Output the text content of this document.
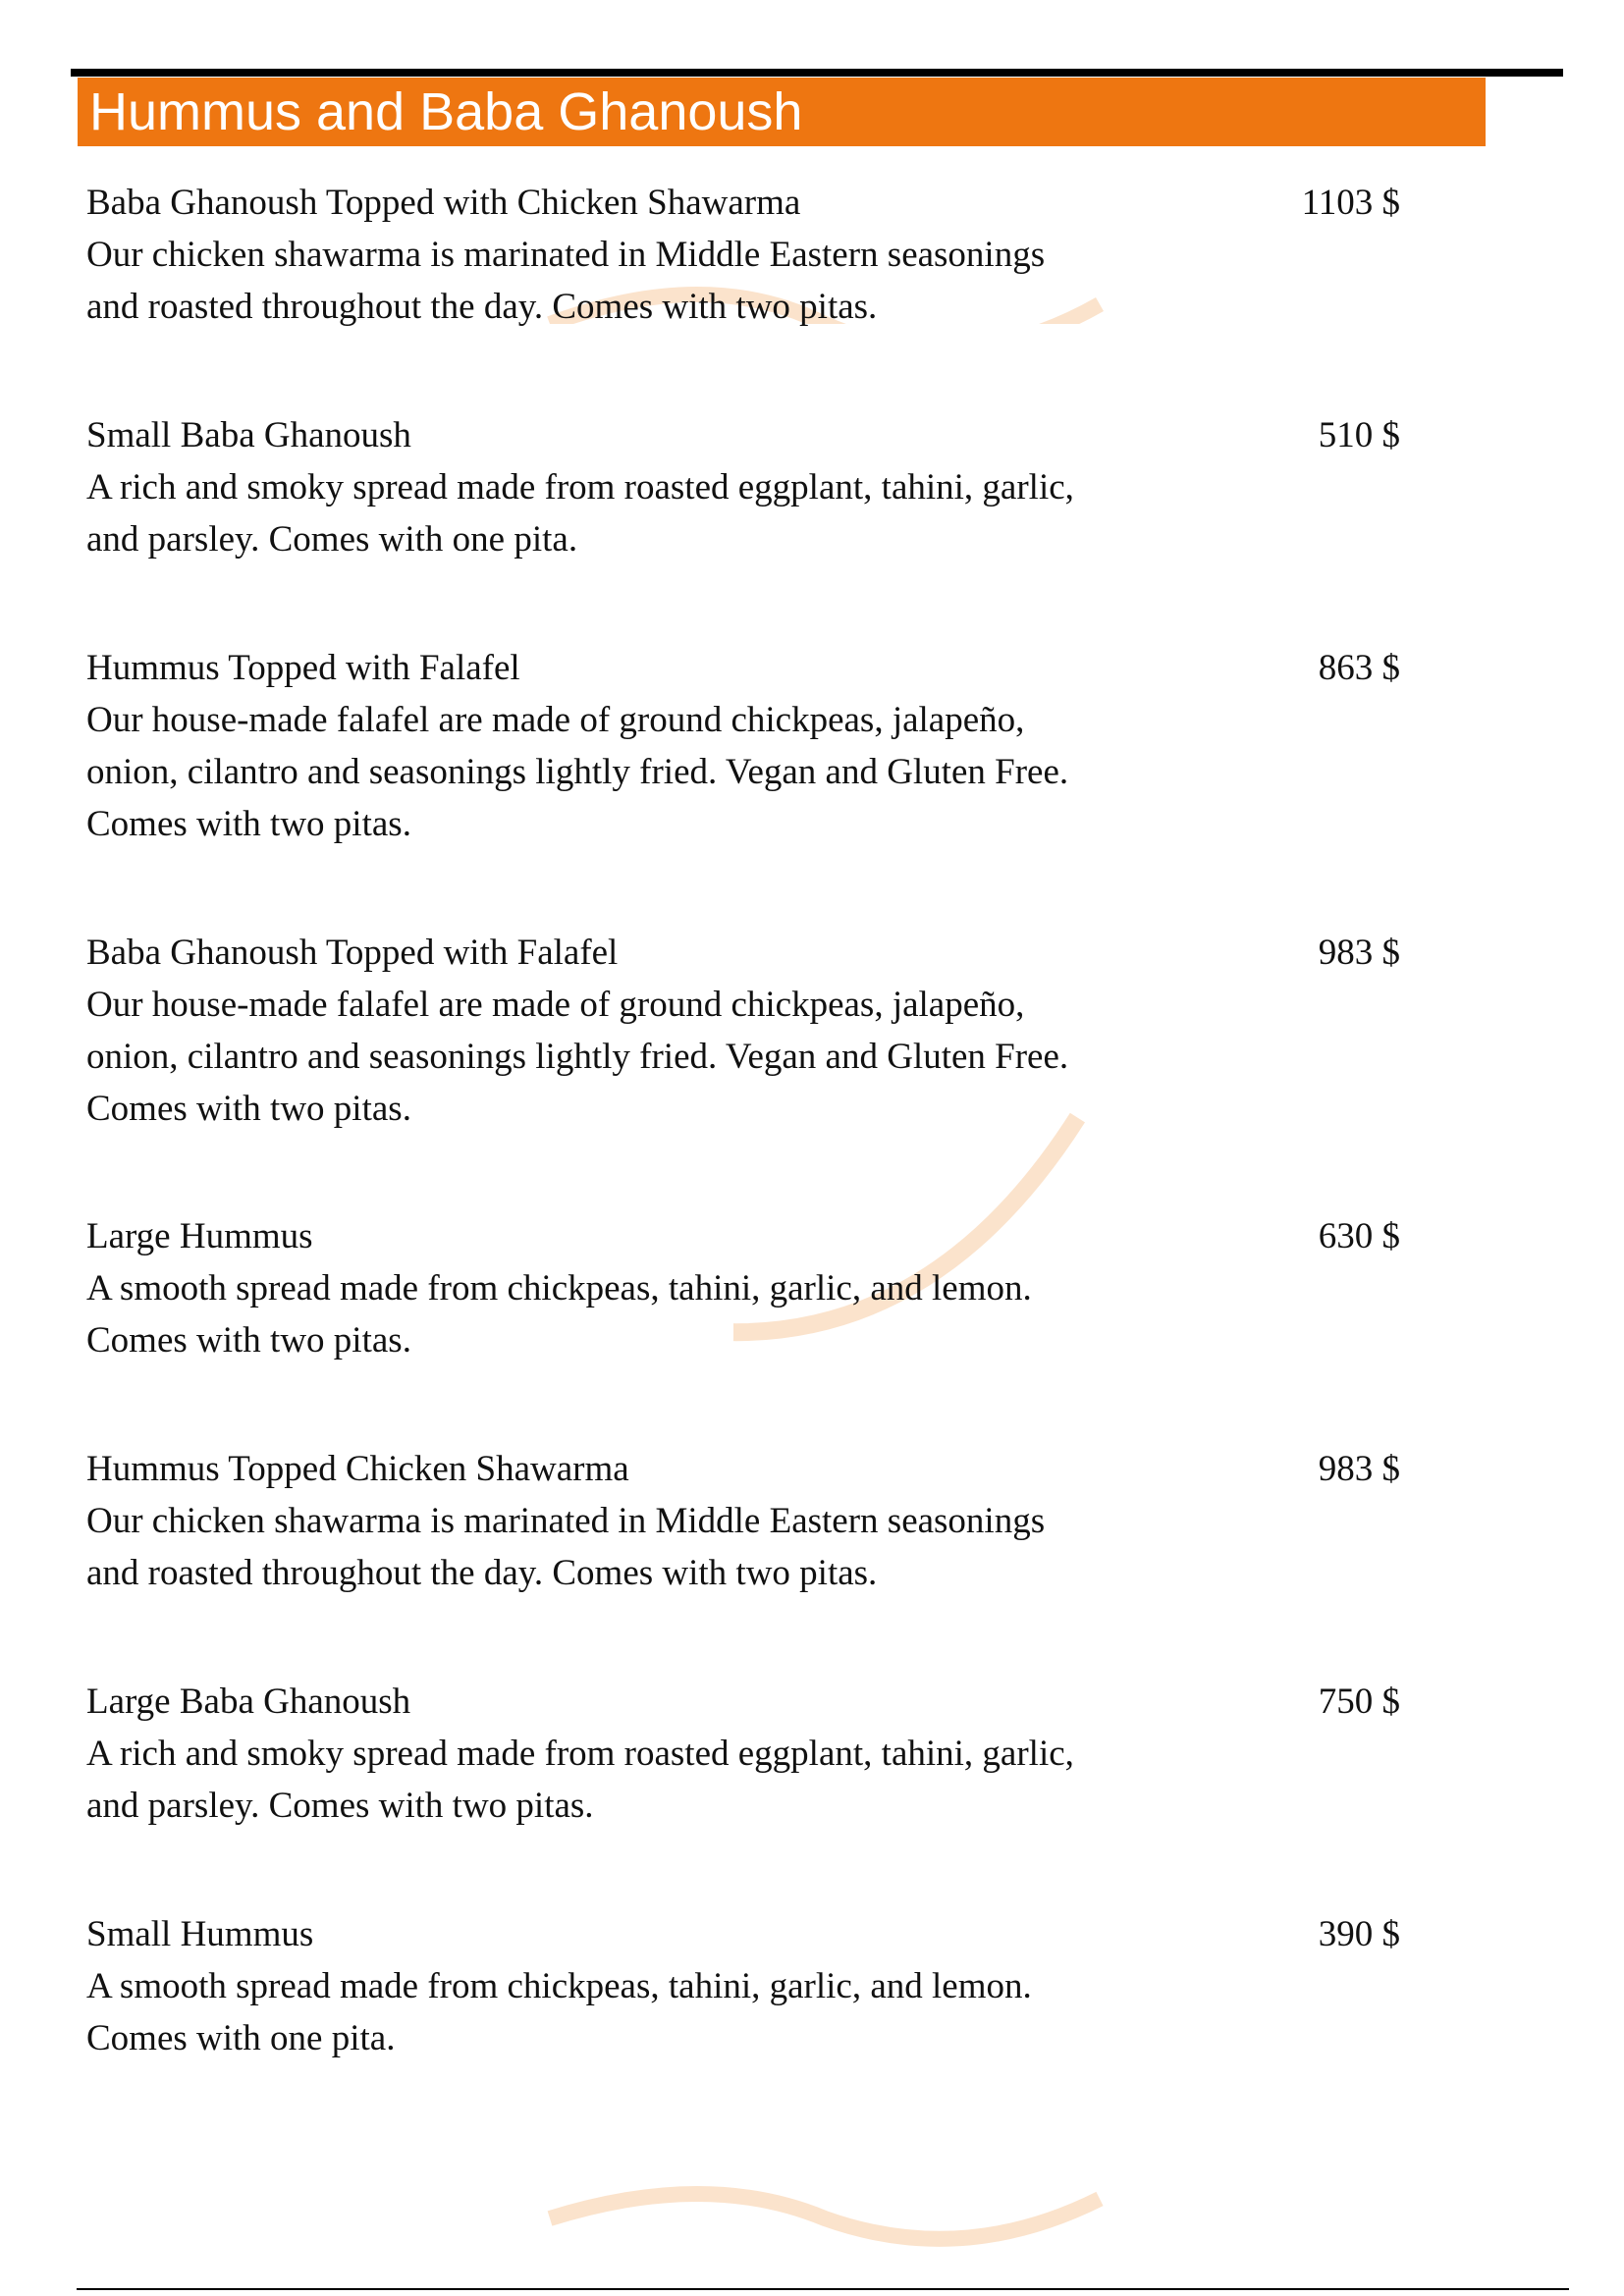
Hummus and Baba Ghanoush
Baba Ghanoush Topped with Chicken Shawarma
Our chicken shawarma is marinated in Middle Eastern seasonings
and roasted throughout the day. Comes with two pitas.
1103 $
Small Baba Ghanoush
A rich and smoky spread made from roasted eggplant, tahini, garlic,
and parsley. Comes with one pita.
510 $
Hummus Topped with Falafel
Our house-made falafel are made of ground chickpeas, jalapeño,
onion, cilantro and seasonings lightly fried. Vegan and Gluten Free.
Comes with two pitas.
863 $
Baba Ghanoush Topped with Falafel
Our house-made falafel are made of ground chickpeas, jalapeño,
onion, cilantro and seasonings lightly fried. Vegan and Gluten Free.
Comes with two pitas.
983 $
Large Hummus
A smooth spread made from chickpeas, tahini, garlic, and lemon.
Comes with two pitas.
630 $
Hummus Topped Chicken Shawarma
Our chicken shawarma is marinated in Middle Eastern seasonings
and roasted throughout the day. Comes with two pitas.
983 $
Large Baba Ghanoush
A rich and smoky spread made from roasted eggplant, tahini, garlic,
and parsley. Comes with two pitas.
750 $
Small Hummus
A smooth spread made from chickpeas, tahini, garlic, and lemon.
Comes with one pita.
390 $
